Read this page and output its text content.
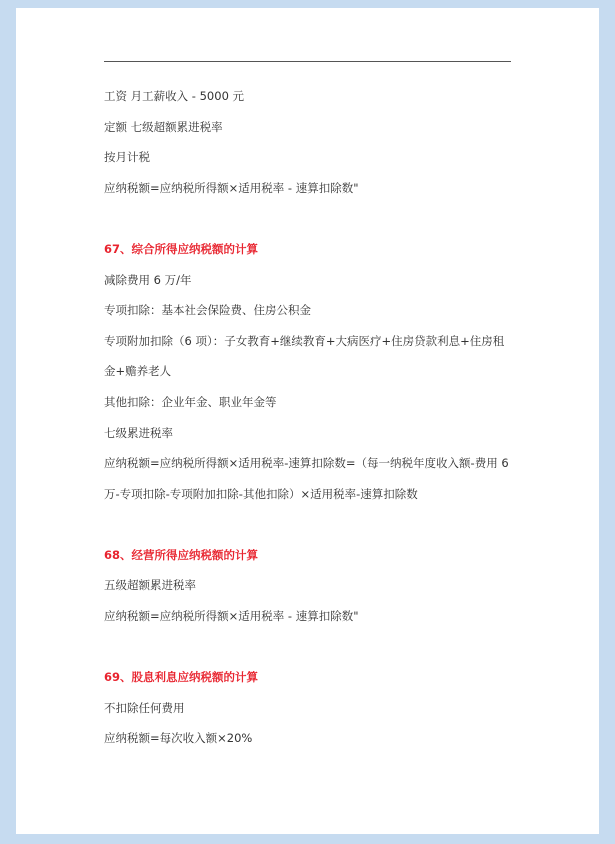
工资 月工薪收入 - 5000 元
定额 七级超额累进税率
按月计税
应纳税额=应纳税所得额×适用税率 - 速算扣除数"
67、综合所得应纳税额的计算
减除费用 6 万/年
专项扣除：基本社会保险费、住房公积金
专项附加扣除（6 项）：子女教育+继续教育+大病医疗+住房贷款利息+住房租
金+赡养老人
其他扣除：企业年金、职业年金等
七级累进税率
应纳税额=应纳税所得额×适用税率-速算扣除数=（每一纳税年度收入额-费用 6
万-专项扣除-专项附加扣除-其他扣除）×适用税率-速算扣除数
68、经营所得应纳税额的计算
五级超额累进税率
应纳税额=应纳税所得额×适用税率 - 速算扣除数"
69、股息利息应纳税额的计算
不扣除任何费用
应纳税额=每次收入额×20%
